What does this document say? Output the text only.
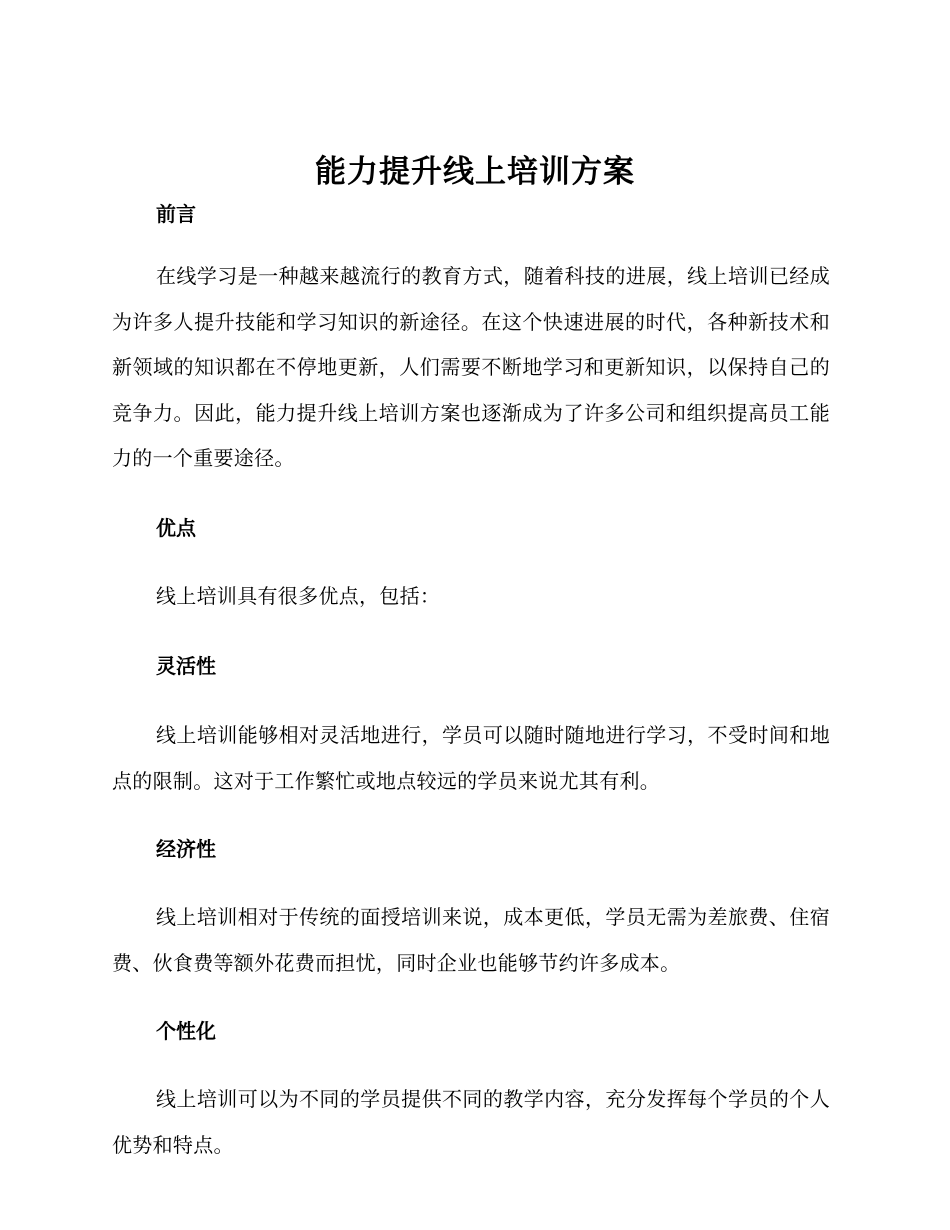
能力提升线上培训方案
前言

在线学习是一种越来越流行的教育方式，随着科技的进展，线上培训已经成为许多人提升技能和学习知识的新途径。在这个快速进展的时代，各种新技术和新领域的知识都在不停地更新，人们需要不断地学习和更新知识，以保持自己的竞争力。因此，能力提升线上培训方案也逐渐成为了许多公司和组织提高员工能力的一个重要途径。

优点

线上培训具有很多优点，包括：

灵活性

线上培训能够相对灵活地进行，学员可以随时随地进行学习，不受时间和地点的限制。这对于工作繁忙或地点较远的学员来说尤其有利。

经济性

线上培训相对于传统的面授培训来说，成本更低，学员无需为差旅费、住宿费、伙食费等额外花费而担忧，同时企业也能够节约许多成本。

个性化

线上培训可以为不同的学员提供不同的教学内容，充分发挥每个学员的个人优势和特点。
